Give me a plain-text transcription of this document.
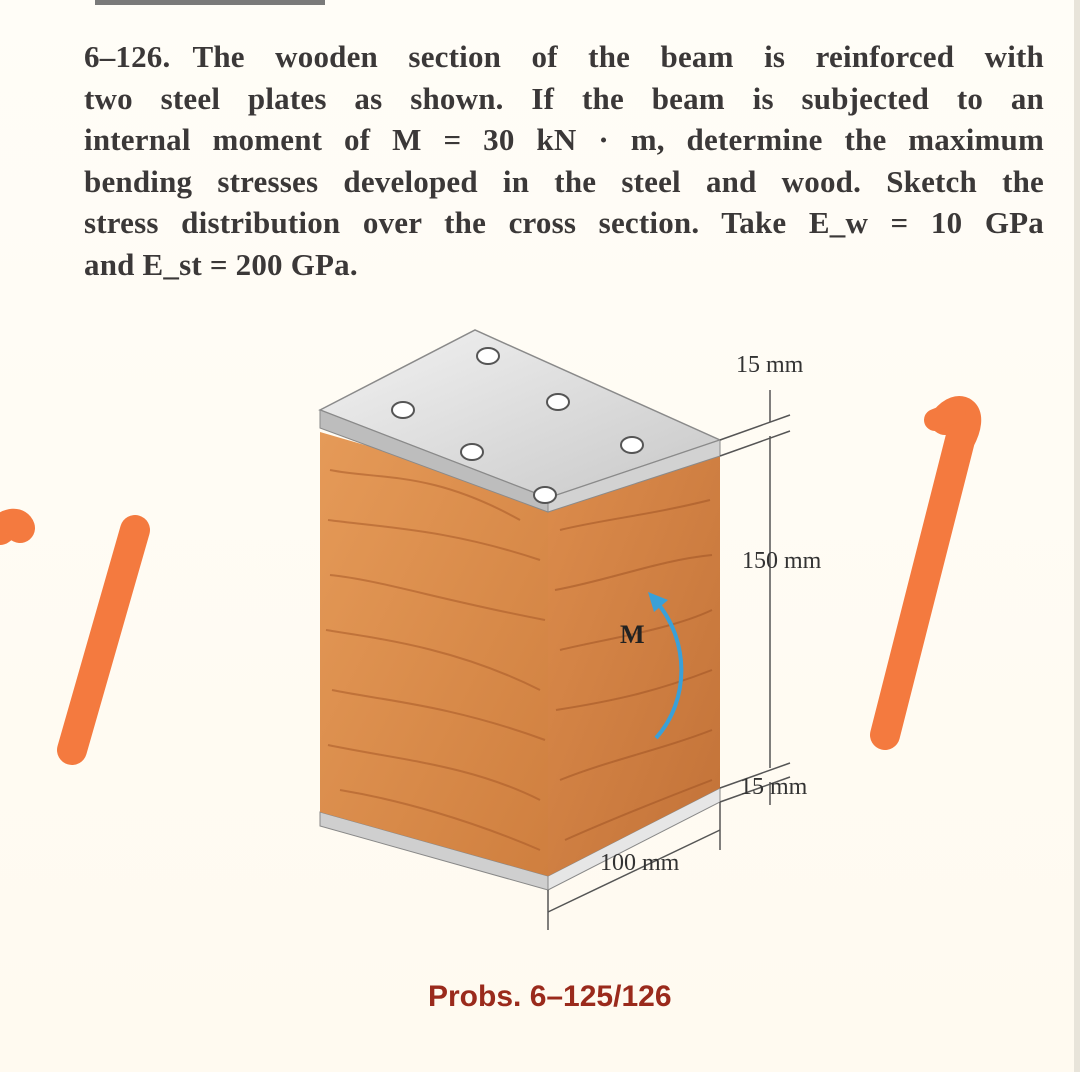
6–126. The wooden section of the beam is reinforced with
two steel plates as shown. If the beam is subjected to an
internal moment of M = 30 kN · m, determine the maximum
bending stresses developed in the steel and wood. Sketch the
stress distribution over the cross section. Take E_w = 10 GPa
and E_st = 200 GPa.
15 mm
150 mm
15 mm
100 mm
M
Probs. 6–125/126
